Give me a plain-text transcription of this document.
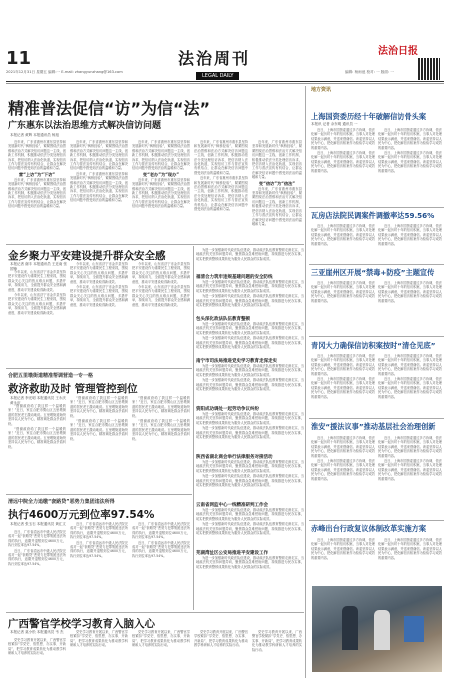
11
2021年12月31日 星期五 编辑:一 E-mail: zhangyunzhang@163.com
法治周刊
LEGAL DAILY
编辑: 杨雨池 校对: 一 版面: 一
法治日报
精准普法促信“访”为信“法”
广东惠东以法治思维方式解决信访问题
本报记者 黄辉 本报通讯员 杨旭

近年来，广东省惠州市惠东县坚持和发展新时代“枫桥经验”，紧紧围绕法治思维和法治方式解决信访问题这一主线，创新工作机制，积极推动依法分类处理信访诉求，把信访纳入法治化轨道，实现信访工作与普法宣传有机结合，让群众在解决信访问题中感受到法治的温暖和力量。

营“上访”为“下访”

近年来，广东省惠州市惠东县坚持和发展新时代“枫桥经验”，紧紧围绕法治思维和法治方式解决信访问题这一主线，创新工作机制，积极推动依法分类处理信访诉求，把信访纳入法治化轨道，实现信访工作与普法宣传有机结合，让群众在解决信访问题中感受到法治的温暖和力量。

近年来，广东省惠州市惠东县坚持和发展新时代“枫桥经验”，紧紧围绕法治思维和法治方式解决信访问题这一主线，创新工作机制，积极推动依法分类处理信访诉求，把信访纳入法治化轨道，实现信访工作与普法宣传有机结合，让群众在解决信访问题中感受到法治的温暖和力量。

近年来，广东省惠州市惠东县坚持和发展新时代“枫桥经验”，紧紧围绕法治思维和法治方式解决信访问题这一主线，创新工作机制，积极推动依法分类处理信访诉求，把信访纳入法治化轨道，实现信访工作与普法宣传有机结合，让群众在解决信访问题中感受到法治的温暖和力量。

近年来，广东省惠州市惠东县坚持和发展新时代“枫桥经验”，紧紧围绕法治思维和法治方式解决信访问题这一主线，创新工作机制，积极推动依法分类处理信访诉求，把信访纳入法治化轨道，实现信访工作与普法宣传有机结合，让群众在解决信访问题中感受到法治的温暖和力量。

变“老办”为“现办”

近年来，广东省惠州市惠东县坚持和发展新时代“枫桥经验”，紧紧围绕法治思维和法治方式解决信访问题这一主线，创新工作机制，积极推动依法分类处理信访诉求，把信访纳入法治化轨道，实现信访工作与普法宣传有机结合，让群众在解决信访问题中感受到法治的温暖和力量。

近年来，广东省惠州市惠东县坚持和发展新时代“枫桥经验”，紧紧围绕法治思维和法治方式解决信访问题这一主线，创新工作机制，积极推动依法分类处理信访诉求，把信访纳入法治化轨道，实现信访工作与普法宣传有机结合，让群众在解决信访问题中感受到法治的温暖和力量。

近年来，广东省惠州市惠东县坚持和发展新时代“枫桥经验”，紧紧围绕法治思维和法治方式解决信访问题这一主线，创新工作机制，积极推动依法分类处理信访诉求，把信访纳入法治化轨道，实现信访工作与普法宣传有机结合，让群众在解决信访问题中感受到法治的温暖和力量。

近年来，广东省惠州市惠东县坚持和发展新时代“枫桥经验”，紧紧围绕法治思维和法治方式解决信访问题这一主线，创新工作机制，积极推动依法分类处理信访诉求，把信访纳入法治化轨道，实现信访工作与普法宣传有机结合，让群众在解决信访问题中感受到法治的温暖和力量。

变“信访”为“信法”

近年来，广东省惠州市惠东县坚持和发展新时代“枫桥经验”，紧紧围绕法治思维和法治方式解决信访问题这一主线，创新工作机制，积极推动依法分类处理信访诉求，把信访纳入法治化轨道，实现信访工作与普法宣传有机结合，让群众在解决信访问题中感受到法治的温暖和力量。

金乡聚力平安建设提升群众安全感
本报记者 谢丰 本报通讯员 王近南 张国锋

今年以来，山东省济宁市金乡县坚持把平安建设作为重要民生工程来抓，围绕群众关心关注的热点难点问题，多措并举，持续用力，全面提升群众安全感和满意度，推动平安建设取得新成效。

今年以来，山东省济宁市金乡县坚持把平安建设作为重要民生工程来抓，围绕群众关心关注的热点难点问题，多措并举，持续用力，全面提升群众安全感和满意度，推动平安建设取得新成效。

今年以来，山东省济宁市金乡县坚持把平安建设作为重要民生工程来抓，围绕群众关心关注的热点难点问题，多措并举，持续用力，全面提升群众安全感和满意度，推动平安建设取得新成效。

今年以来，山东省济宁市金乡县坚持把平安建设作为重要民生工程来抓，围绕群众关心关注的热点难点问题，多措并举，持续用力，全面提升群众安全感和满意度，推动平安建设取得新成效。

今年以来，山东省济宁市金乡县坚持把平安建设作为重要民生工程来抓，围绕群众关心关注的热点难点问题，多措并举，持续用力，全面提升群众安全感和满意度，推动平安建设取得新成效。

今年以来，山东省济宁市金乡县坚持把平安建设作为重要民生工程来抓，围绕群众关心关注的热点难点问题，多措并举，持续用力，全面提升群众安全感和满意度，推动平安建设取得新成效。

合肥五里墩街道精准帮调营造一专一格
救济救助及时 管理管控到位
本报记者 李光明 本报通讯员 王永庆 黄永庆

“感谢政府给了我这样一个温暖的家！”近日，家住合肥市蜀山区五里墩街道的居民老王激动地说。五里墩街道始终坚持以人民为中心，精准调处群众矛盾纠纷。

“感谢政府给了我这样一个温暖的家！”近日，家住合肥市蜀山区五里墩街道的居民老王激动地说。五里墩街道始终坚持以人民为中心，精准调处群众矛盾纠纷。

“感谢政府给了我这样一个温暖的家！”近日，家住合肥市蜀山区五里墩街道的居民老王激动地说。五里墩街道始终坚持以人民为中心，精准调处群众矛盾纠纷。

“感谢政府给了我这样一个温暖的家！”近日，家住合肥市蜀山区五里墩街道的居民老王激动地说。五里墩街道始终坚持以人民为中心，精准调处群众矛盾纠纷。

“感谢政府给了我这样一个温暖的家！”近日，家住合肥市蜀山区五里墩街道的居民老王激动地说。五里墩街道始终坚持以人民为中心，精准调处群众矛盾纠纷。

“感谢政府给了我这样一个温暖的家！”近日，家住合肥市蜀山区五里墩街道的居民老王激动地说。五里墩街道始终坚持以人民为中心，精准调处群众矛盾纠纷。

清远中院全力追缴“套路贷”恶势力集团违法所得
执行4600万元到位率97.54%
本报记者 张玉石 本报通讯员 黄汇文

近日，广东省清远市中级人民法院完成对一起“套路贷”恶势力犯罪集团违法所得的执行，追缴并退赔到位4600万元，执行到位率达97.54%。

近日，广东省清远市中级人民法院完成对一起“套路贷”恶势力犯罪集团违法所得的执行，追缴并退赔到位4600万元，执行到位率达97.54%。

近日，广东省清远市中级人民法院完成对一起“套路贷”恶势力犯罪集团违法所得的执行，追缴并退赔到位4600万元，执行到位率达97.54%。

近日，广东省清远市中级人民法院完成对一起“套路贷”恶势力犯罪集团违法所得的执行，追缴并退赔到位4600万元，执行到位率达97.54%。

近日，广东省清远市中级人民法院完成对一起“套路贷”恶势力犯罪集团违法所得的执行，追缴并退赔到位4600万元，执行到位率达97.54%。

近日，广东省清远市中级人民法院完成对一起“套路贷”恶势力犯罪集团违法所得的执行，追缴并退赔到位4600万元，执行到位率达97.54%。

广西警官学校学习教育入脑入心
本报记者 莫小松 本报通讯员 韦 杰

党史学习教育开展以来，广西警官学校紧扣“学党史、悟思想、办实事、开新局”，把学习教育成果转化为推动教学科研和人才培养的实际行动。

党史学习教育开展以来，广西警官学校紧扣“学党史、悟思想、办实事、开新局”，把学习教育成果转化为推动教学科研和人才培养的实际行动。

党史学习教育开展以来，广西警官学校紧扣“学党史、悟思想、办实事、开新局”，把学习教育成果转化为推动教学科研和人才培养的实际行动。

党史学习教育开展以来，广西警官学校紧扣“学党史、悟思想、办实事、开新局”，把学习教育成果转化为推动教学科研和人才培养的实际行动。

党史学习教育开展以来，广西警官学校紧扣“学党史、悟思想、办实事、开新局”，把学习教育成果转化为推动教学科研和人才培养的实际行动。

为进一步加强新时代政法队伍建设，推动政法队伍教育整顿走深走实，当地政法机关坚持问题导向，聚焦群众急难愁盼问题，持续推进为民办实事，切实把教育整顿成果转化为服务人民群众的实际成效。

福清合力筑牢违规基建问题的安全防线

为进一步加强新时代政法队伍建设，推动政法队伍教育整顿走深走实，当地政法机关坚持问题导向，聚焦群众急难愁盼问题，持续推进为民办实事，切实把教育整顿成果转化为服务人民群众的实际成效。

为进一步加强新时代政法队伍建设，推动政法队伍教育整顿走深走实，当地政法机关坚持问题导向，聚焦群众急难愁盼问题，持续推进为民办实事，切实把教育整顿成果转化为服务人民群众的实际成效。

包头深化政法队伍教育整顿

为进一步加强新时代政法队伍建设，推动政法队伍教育整顿走深走实，当地政法机关坚持问题导向，聚焦群众急难愁盼问题，持续推进为民办实事，切实把教育整顿成果转化为服务人民群众的实际成效。

为进一步加强新时代政法队伍建设，推动政法队伍教育整顿走深走实，当地政法机关坚持问题导向，聚焦群众急难愁盼问题，持续推进为民办实事，切实把教育整顿成果转化为服务人民群众的实际成效。

南宁市司法局推进党史学习教育走深走实

为进一步加强新时代政法队伍建设，推动政法队伍教育整顿走深走实，当地政法机关坚持问题导向，聚焦群众急难愁盼问题，持续推进为民办实事，切实把教育整顿成果转化为服务人民群众的实际成效。

为进一步加强新时代政法队伍建设，推动政法队伍教育整顿走深走实，当地政法机关坚持问题导向，聚焦群众急难愁盼问题，持续推进为民办实事，切实把教育整顿成果转化为服务人民群众的实际成效。

资阳成功调处一起劳动争议纠纷

为进一步加强新时代政法队伍建设，推动政法队伍教育整顿走深走实，当地政法机关坚持问题导向，聚焦群众急难愁盼问题，持续推进为民办实事，切实把教育整顿成果转化为服务人民群众的实际成效。

为进一步加强新时代政法队伍建设，推动政法队伍教育整顿走深走实，当地政法机关坚持问题导向，聚焦群众急难愁盼问题，持续推进为民办实事，切实把教育整顿成果转化为服务人民群众的实际成效。

陕西省湖北商会举行法律服务对接活动

为进一步加强新时代政法队伍建设，推动政法队伍教育整顿走深走实，当地政法机关坚持问题导向，聚焦群众急难愁盼问题，持续推进为民办实事，切实把教育整顿成果转化为服务人民群众的实际成效。

为进一步加强新时代政法队伍建设，推动政法队伍教育整顿走深走实，当地政法机关坚持问题导向，聚焦群众急难愁盼问题，持续推进为民办实事，切实把教育整顿成果转化为服务人民群众的实际成效。

云南省网监中心一线精准研判工作会

为进一步加强新时代政法队伍建设，推动政法队伍教育整顿走深走实，当地政法机关坚持问题导向，聚焦群众急难愁盼问题，持续推进为民办实事，切实把教育整顿成果转化为服务人民群众的实际成效。

为进一步加强新时代政法队伍建设，推动政法队伍教育整顿走深走实，当地政法机关坚持问题导向，聚焦群众急难愁盼问题，持续推进为民办实事，切实把教育整顿成果转化为服务人民群众的实际成效。

芜湖湾沚区公安局推进平安建设工作

为进一步加强新时代政法队伍建设，推动政法队伍教育整顿走深走实，当地政法机关坚持问题导向，聚焦群众急难愁盼问题，持续推进为民办实事，切实把教育整顿成果转化为服务人民群众的实际成效。

地方资讯
上海国资委历经十年破解信访骨头案
本报讯 记者 余东明 通讯员 一

近日，上海市国资委通过多方协调，依法化解一起历时十年的信访积案，当事人对处理结果表示满意，并送来感谢信。该委坚持以人民为中心，把化解信访积案作为检验学习成效的重要内容。

近日，上海市国资委通过多方协调，依法化解一起历时十年的信访积案，当事人对处理结果表示满意，并送来感谢信。该委坚持以人民为中心，把化解信访积案作为检验学习成效的重要内容。

近日，上海市国资委通过多方协调，依法化解一起历时十年的信访积案，当事人对处理结果表示满意，并送来感谢信。该委坚持以人民为中心，把化解信访积案作为检验学习成效的重要内容。

近日，上海市国资委通过多方协调，依法化解一起历时十年的信访积案，当事人对处理结果表示满意，并送来感谢信。该委坚持以人民为中心，把化解信访积案作为检验学习成效的重要内容。

瓦房店法院民调案件调撤率达59.56%

近日，上海市国资委通过多方协调，依法化解一起历时十年的信访积案，当事人对处理结果表示满意，并送来感谢信。该委坚持以人民为中心，把化解信访积案作为检验学习成效的重要内容。

近日，上海市国资委通过多方协调，依法化解一起历时十年的信访积案，当事人对处理结果表示满意，并送来感谢信。该委坚持以人民为中心，把化解信访积案作为检验学习成效的重要内容。

三亚崖州区开展“禁毒+防疫”主题宣传

近日，上海市国资委通过多方协调，依法化解一起历时十年的信访积案，当事人对处理结果表示满意，并送来感谢信。该委坚持以人民为中心，把化解信访积案作为检验学习成效的重要内容。

近日，上海市国资委通过多方协调，依法化解一起历时十年的信访积案，当事人对处理结果表示满意，并送来感谢信。该委坚持以人民为中心，把化解信访积案作为检验学习成效的重要内容。

青冈大力确保信访积案按时“清仓见底”

近日，上海市国资委通过多方协调，依法化解一起历时十年的信访积案，当事人对处理结果表示满意，并送来感谢信。该委坚持以人民为中心，把化解信访积案作为检验学习成效的重要内容。

近日，上海市国资委通过多方协调，依法化解一起历时十年的信访积案，当事人对处理结果表示满意，并送来感谢信。该委坚持以人民为中心，把化解信访积案作为检验学习成效的重要内容。

近日，上海市国资委通过多方协调，依法化解一起历时十年的信访积案，当事人对处理结果表示满意，并送来感谢信。该委坚持以人民为中心，把化解信访积案作为检验学习成效的重要内容。

近日，上海市国资委通过多方协调，依法化解一起历时十年的信访积案，当事人对处理结果表示满意，并送来感谢信。该委坚持以人民为中心，把化解信访积案作为检验学习成效的重要内容。

淮安“援法议事”推动基层社会治理创新

近日，上海市国资委通过多方协调，依法化解一起历时十年的信访积案，当事人对处理结果表示满意，并送来感谢信。该委坚持以人民为中心，把化解信访积案作为检验学习成效的重要内容。

近日，上海市国资委通过多方协调，依法化解一起历时十年的信访积案，当事人对处理结果表示满意，并送来感谢信。该委坚持以人民为中心，把化解信访积案作为检验学习成效的重要内容。

近日，上海市国资委通过多方协调，依法化解一起历时十年的信访积案，当事人对处理结果表示满意，并送来感谢信。该委坚持以人民为中心，把化解信访积案作为检验学习成效的重要内容。

近日，上海市国资委通过多方协调，依法化解一起历时十年的信访积案，当事人对处理结果表示满意，并送来感谢信。该委坚持以人民为中心，把化解信访积案作为检验学习成效的重要内容。

赤峰出台行政复议体制改革实施方案

近日，上海市国资委通过多方协调，依法化解一起历时十年的信访积案，当事人对处理结果表示满意，并送来感谢信。该委坚持以人民为中心，把化解信访积案作为检验学习成效的重要内容。

近日，上海市国资委通过多方协调，依法化解一起历时十年的信访积案，当事人对处理结果表示满意，并送来感谢信。该委坚持以人民为中心，把化解信访积案作为检验学习成效的重要内容。
